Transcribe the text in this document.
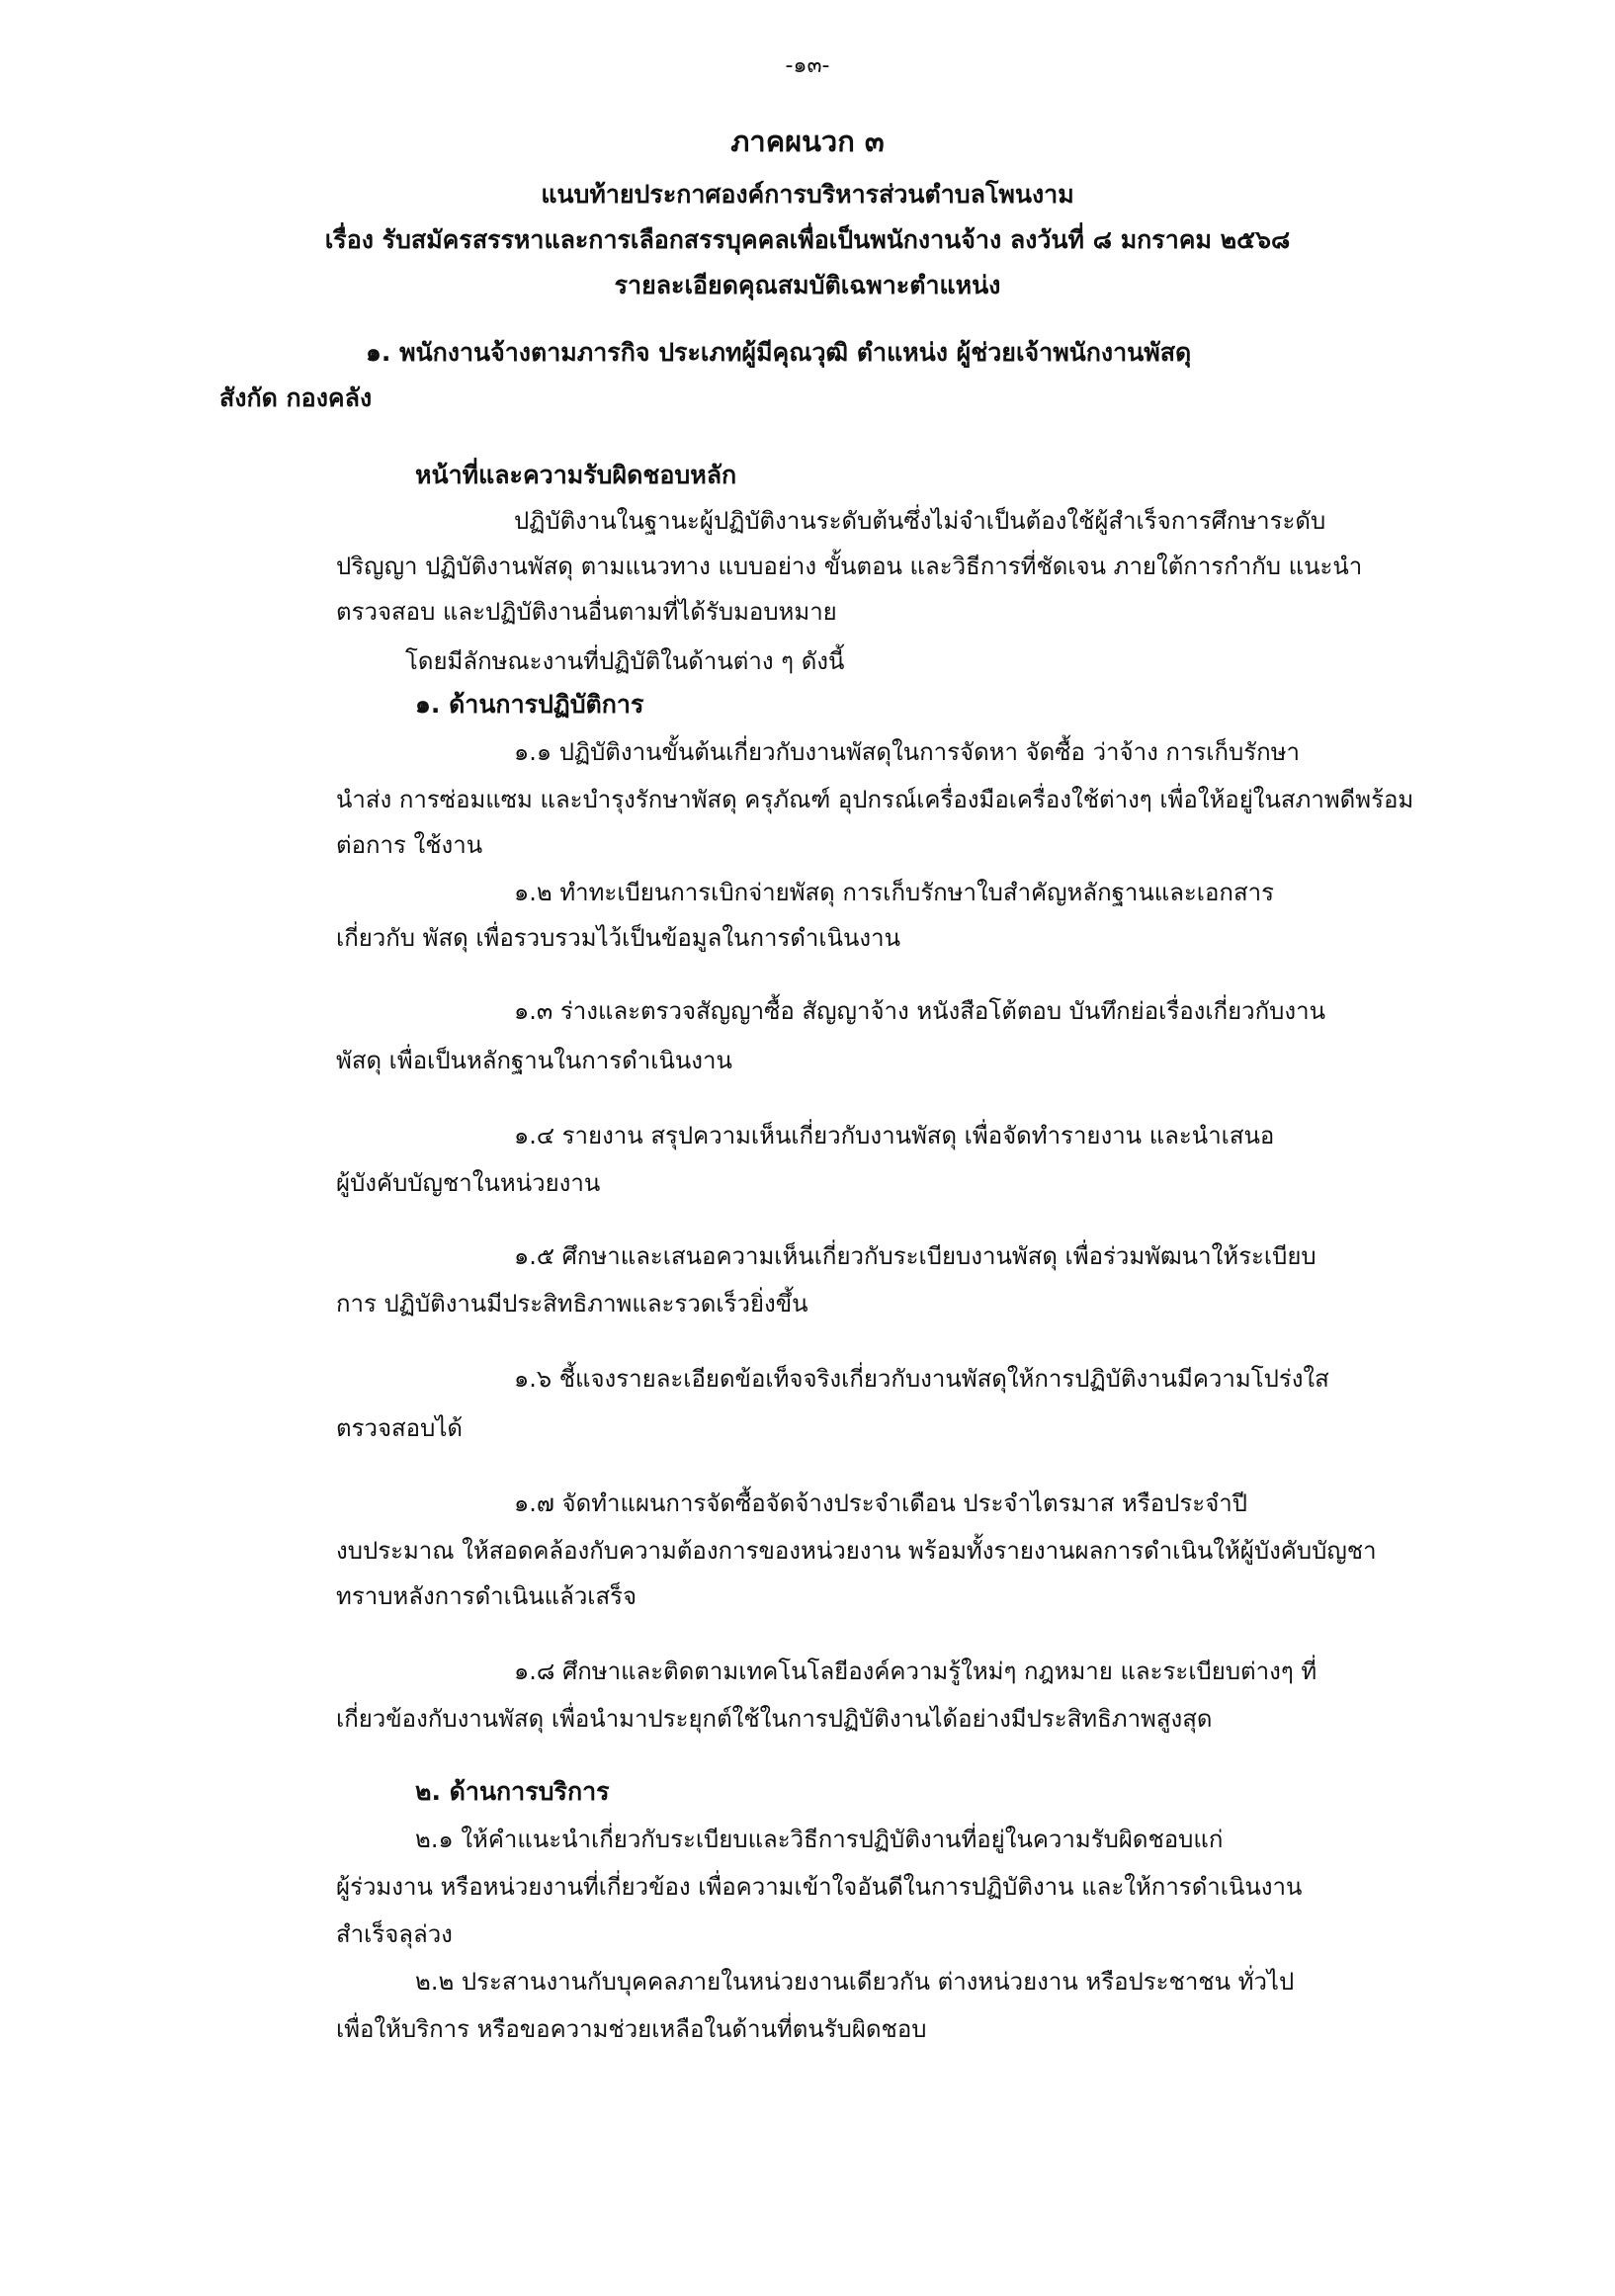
-๑๓-
ภาคผนวก ๓
แนบท้ายประกาศองค์การบริหารส่วนตำบลโพนงาม
เรื่อง รับสมัครสรรหาและการเลือกสรรบุคคลเพื่อเป็นพนักงานจ้าง ลงวันที่ ๘ มกราคม ๒๕๖๘
รายละเอียดคุณสมบัติเฉพาะตำแหน่ง
๑. พนักงานจ้างตามภารกิจ ประเภทผู้มีคุณวุฒิ ตำแหน่ง ผู้ช่วยเจ้าพนักงานพัสดุ
สังกัด กองคลัง
หน้าที่และความรับผิดชอบหลัก
ปฏิบัติงานในฐานะผู้ปฏิบัติงานระดับต้นซึ่งไม่จำเป็นต้องใช้ผู้สำเร็จการศึกษาระดับ
ปริญญา ปฏิบัติงานพัสดุ ตามแนวทาง แบบอย่าง ขั้นตอน และวิธีการที่ชัดเจน ภายใต้การกำกับ แนะนำ
ตรวจสอบ และปฏิบัติงานอื่นตามที่ได้รับมอบหมาย
โดยมีลักษณะงานที่ปฏิบัติในด้านต่าง ๆ ดังนี้
๑. ด้านการปฏิบัติการ
๑.๑ ปฏิบัติงานขั้นต้นเกี่ยวกับงานพัสดุในการจัดหา จัดซื้อ ว่าจ้าง การเก็บรักษา
นำส่ง การซ่อมแซม และบำรุงรักษาพัสดุ ครุภัณฑ์ อุปกรณ์เครื่องมือเครื่องใช้ต่างๆ เพื่อให้อยู่ในสภาพดีพร้อม
ต่อการ ใช้งาน
๑.๒ ทำทะเบียนการเบิกจ่ายพัสดุ การเก็บรักษาใบสำคัญหลักฐานและเอกสาร
เกี่ยวกับ พัสดุ เพื่อรวบรวมไว้เป็นข้อมูลในการดำเนินงาน
๑.๓ ร่างและตรวจสัญญาซื้อ สัญญาจ้าง หนังสือโต้ตอบ บันทึกย่อเรื่องเกี่ยวกับงาน
พัสดุ เพื่อเป็นหลักฐานในการดำเนินงาน
๑.๔ รายงาน สรุปความเห็นเกี่ยวกับงานพัสดุ เพื่อจัดทำรายงาน และนำเสนอ
ผู้บังคับบัญชาในหน่วยงาน
๑.๕ ศึกษาและเสนอความเห็นเกี่ยวกับระเบียบงานพัสดุ เพื่อร่วมพัฒนาให้ระเบียบ
การ ปฏิบัติงานมีประสิทธิภาพและรวดเร็วยิ่งขึ้น
๑.๖ ชี้แจงรายละเอียดข้อเท็จจริงเกี่ยวกับงานพัสดุให้การปฏิบัติงานมีความโปร่งใส
ตรวจสอบได้
๑.๗ จัดทำแผนการจัดซื้อจัดจ้างประจำเดือน ประจำไตรมาส หรือประจำปี
งบประมาณ ให้สอดคล้องกับความต้องการของหน่วยงาน พร้อมทั้งรายงานผลการดำเนินให้ผู้บังคับบัญชา
ทราบหลังการดำเนินแล้วเสร็จ
๑.๘ ศึกษาและติดตามเทคโนโลยีองค์ความรู้ใหม่ๆ กฎหมาย และระเบียบต่างๆ ที่
เกี่ยวข้องกับงานพัสดุ เพื่อนำมาประยุกต์ใช้ในการปฏิบัติงานได้อย่างมีประสิทธิภาพสูงสุด
๒. ด้านการบริการ
๒.๑ ให้คำแนะนำเกี่ยวกับระเบียบและวิธีการปฏิบัติงานที่อยู่ในความรับผิดชอบแก่
ผู้ร่วมงาน หรือหน่วยงานที่เกี่ยวข้อง เพื่อความเข้าใจอันดีในการปฏิบัติงาน และให้การดำเนินงาน
สำเร็จลุล่วง
๒.๒ ประสานงานกับบุคคลภายในหน่วยงานเดียวกัน ต่างหน่วยงาน หรือประชาชน ทั่วไป
เพื่อให้บริการ หรือขอความช่วยเหลือในด้านที่ตนรับผิดชอบ
